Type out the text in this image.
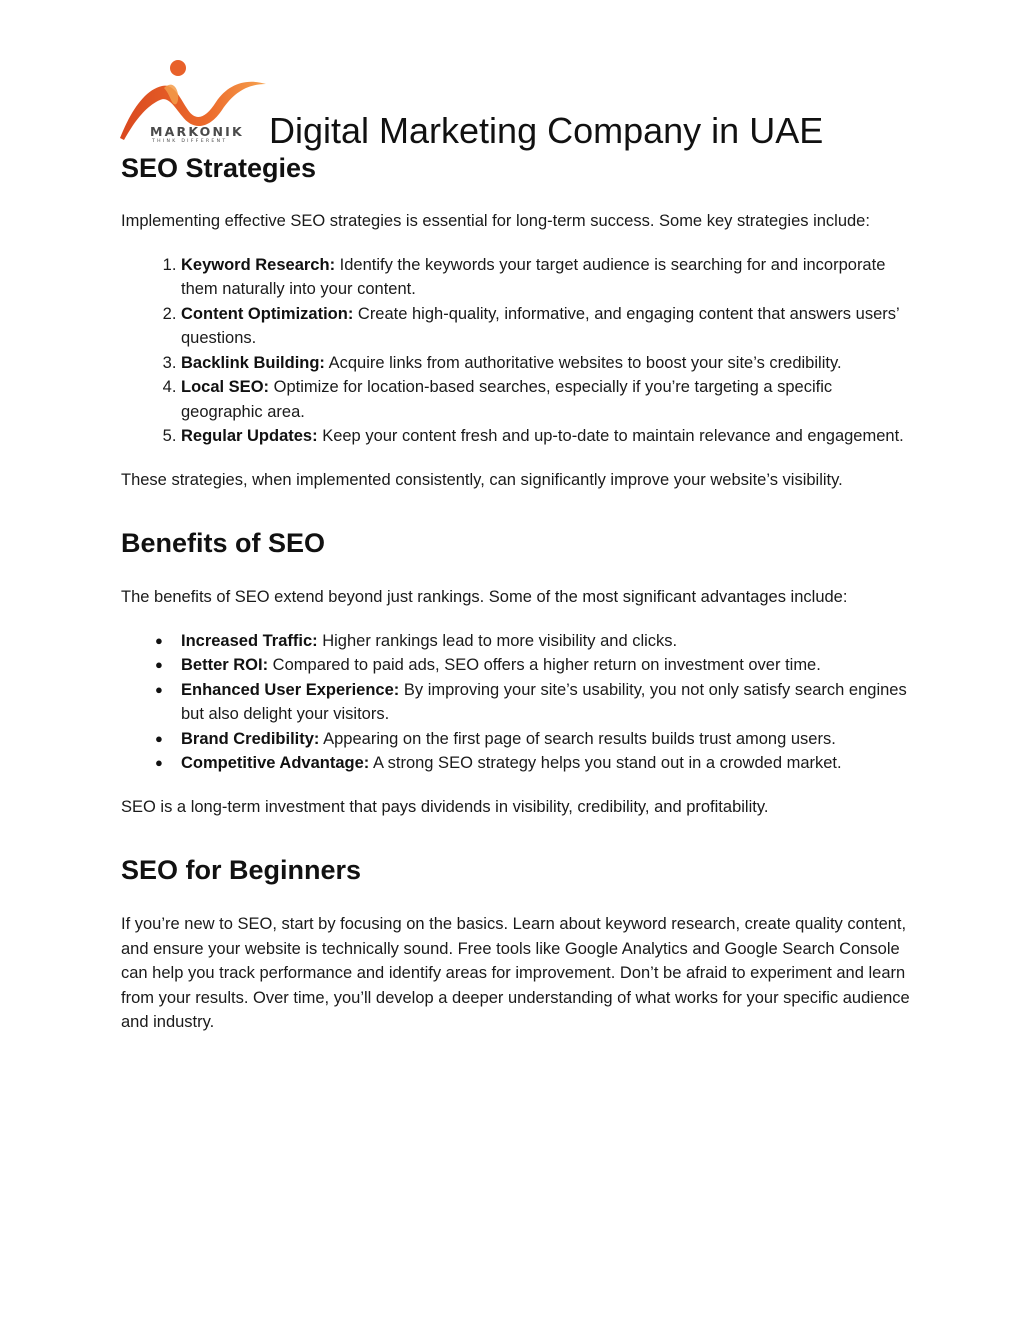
MARKONIK
THINK DIFFERENT Digital Marketing Company in UAE
SEO Strategies

Implementing effective SEO strategies is essential for long-term success. Some key strategies include:

1. Keyword Research: Identify the keywords your target audience is searching for and incorporate them naturally into your content.
2. Content Optimization: Create high-quality, informative, and engaging content that answers users’ questions.
3. Backlink Building: Acquire links from authoritative websites to boost your site’s credibility.
4. Local SEO: Optimize for location-based searches, especially if you’re targeting a specific geographic area.
5. Regular Updates: Keep your content fresh and up-to-date to maintain relevance and engagement.

These strategies, when implemented consistently, can significantly improve your website’s visibility.

Benefits of SEO

The benefits of SEO extend beyond just rankings. Some of the most significant advantages include:

● Increased Traffic: Higher rankings lead to more visibility and clicks.
● Better ROI: Compared to paid ads, SEO offers a higher return on investment over time.
● Enhanced User Experience: By improving your site’s usability, you not only satisfy search engines but also delight your visitors.
● Brand Credibility: Appearing on the first page of search results builds trust among users.
● Competitive Advantage: A strong SEO strategy helps you stand out in a crowded market.

SEO is a long-term investment that pays dividends in visibility, credibility, and profitability.

SEO for Beginners

If you’re new to SEO, start by focusing on the basics. Learn about keyword research, create quality content, and ensure your website is technically sound. Free tools like Google Analytics and Google Search Console can help you track performance and identify areas for improvement. Don’t be afraid to experiment and learn from your results. Over time, you’ll develop a deeper understanding of what works for your specific audience and industry.
